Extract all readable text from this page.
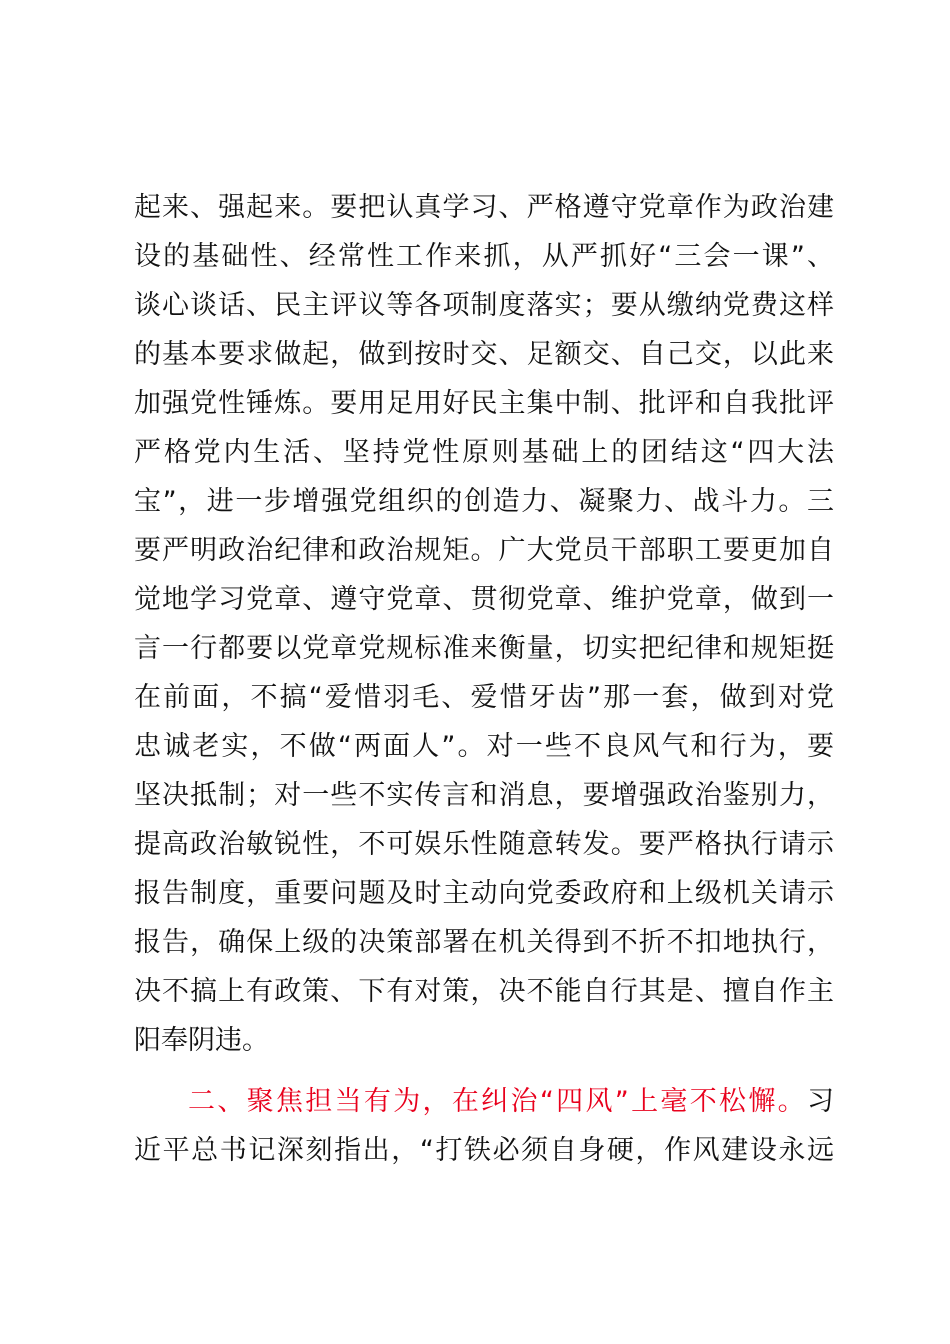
起来、强起来。要把认真学习、严格遵守党章作为政治建
设的基础性、经常性工作来抓，从严抓好“三会一课”、
谈心谈话、民主评议等各项制度落实；要从缴纳党费这样
的基本要求做起，做到按时交、足额交、自己交，以此来
加强党性锤炼。要用足用好民主集中制、批评和自我批评
严格党内生活、坚持党性原则基础上的团结这“四大法
宝”，进一步增强党组织的创造力、凝聚力、战斗力。三
要严明政治纪律和政治规矩。广大党员干部职工要更加自
觉地学习党章、遵守党章、贯彻党章、维护党章，做到一
言一行都要以党章党规标准来衡量，切实把纪律和规矩挺
在前面，不搞“爱惜羽毛、爱惜牙齿”那一套，做到对党
忠诚老实，不做“两面人”。对一些不良风气和行为，要
坚决抵制；对一些不实传言和消息，要增强政治鉴别力，
提高政治敏锐性，不可娱乐性随意转发。要严格执行请示
报告制度，重要问题及时主动向党委政府和上级机关请示
报告，确保上级的决策部署在机关得到不折不扣地执行，
决不搞上有政策、下有对策，决不能自行其是、擅自作主
阳奉阴违。
二、聚焦担当有为，在纠治“四风”上毫不松懈。习
近平总书记深刻指出，“打铁必须自身硬，作风建设永远
